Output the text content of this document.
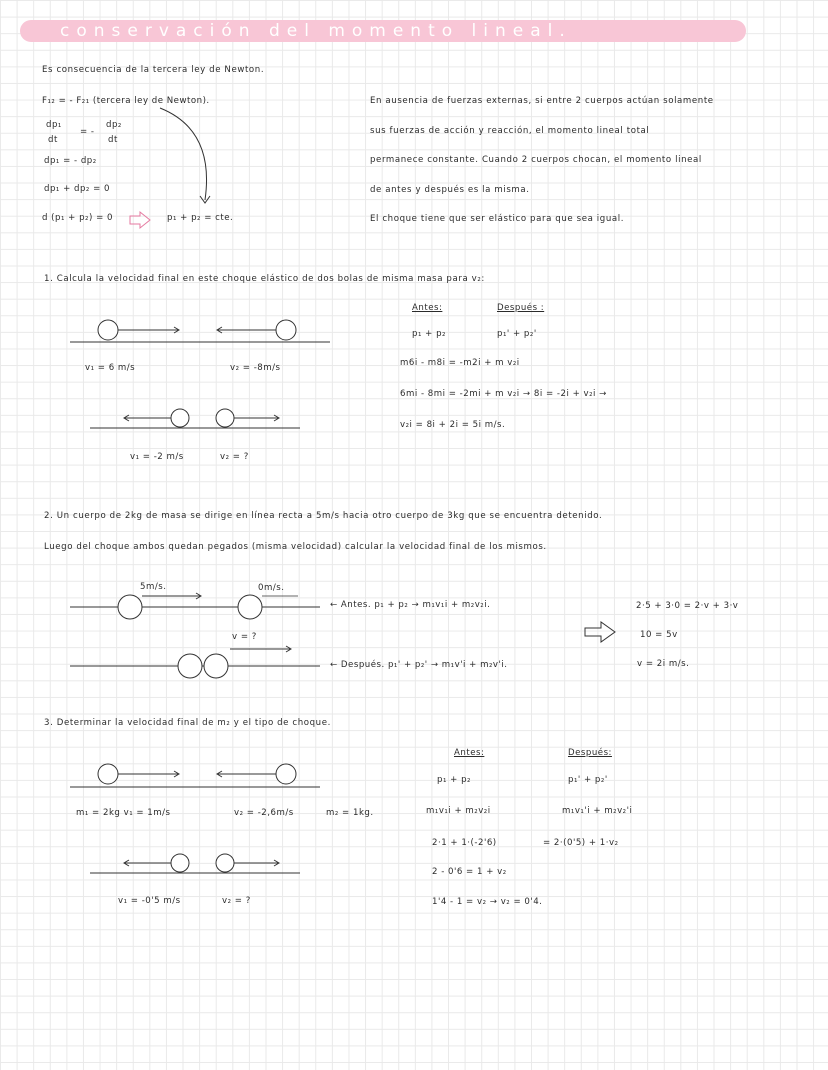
conservación del momento lineal.
Es consecuencia de la tercera ley de Newton.
F₁₂ = - F₂₁ (tercera ley de Newton).
dp₁
dt
= -
dp₂
dt
dp₁ = - dp₂
dp₁ + dp₂ = 0
d (p₁ + p₂) = 0	p₁ + p₂ = cte.
En ausencia de fuerzas externas, si entre 2 cuerpos actúan solamente
sus fuerzas de acción y reacción, el momento lineal total
permanece constante. Cuando 2 cuerpos chocan, el momento lineal
de antes y después es la misma.
El choque tiene que ser elástico para que sea igual.
1. Calcula la velocidad final en este choque elástico de dos bolas de misma masa para v₂:
v₁ = 6 m/s	v₂ = -8m/s
v₁ = -2 m/s	v₂ = ?
Antes:	Después :
p₁ + p₂	p₁' + p₂'
m6i - m8i = -m2i + m v₂i
6mi - 8mi = -2mi + m v₂i → 8i = -2i + v₂i →
v₂i = 8i + 2i = 5i m/s.
2. Un cuerpo de 2kg de masa se dirige en línea recta a 5m/s hacia otro cuerpo de 3kg que se encuentra detenido.
Luego del choque ambos quedan pegados (misma velocidad) calcular la velocidad final de los mismos.
5m/s.	0m/s.
v = ?
← Antes. p₁ + p₂ → m₁v₁i + m₂v₂i.
← Después. p₁' + p₂' → m₁v'i + m₂v'i.
2·5 + 3·0 = 2·v + 3·v
10 = 5v
v = 2i m/s.
3. Determinar la velocidad final de m₂ y el tipo de choque.
m₁ = 2kg v₁ = 1m/s	v₂ = -2,6m/s	m₂ = 1kg.
v₁ = -0'5 m/s	v₂ = ?
Antes:	Después:
p₁ + p₂	p₁' + p₂'
m₁v₁i + m₂v₂i	m₁v₁'i + m₂v₂'i
2·1 + 1·(-2'6)	= 2·(0'5) + 1·v₂
2 - 0'6 = 1 + v₂
1'4 - 1 = v₂ → v₂ = 0'4.
